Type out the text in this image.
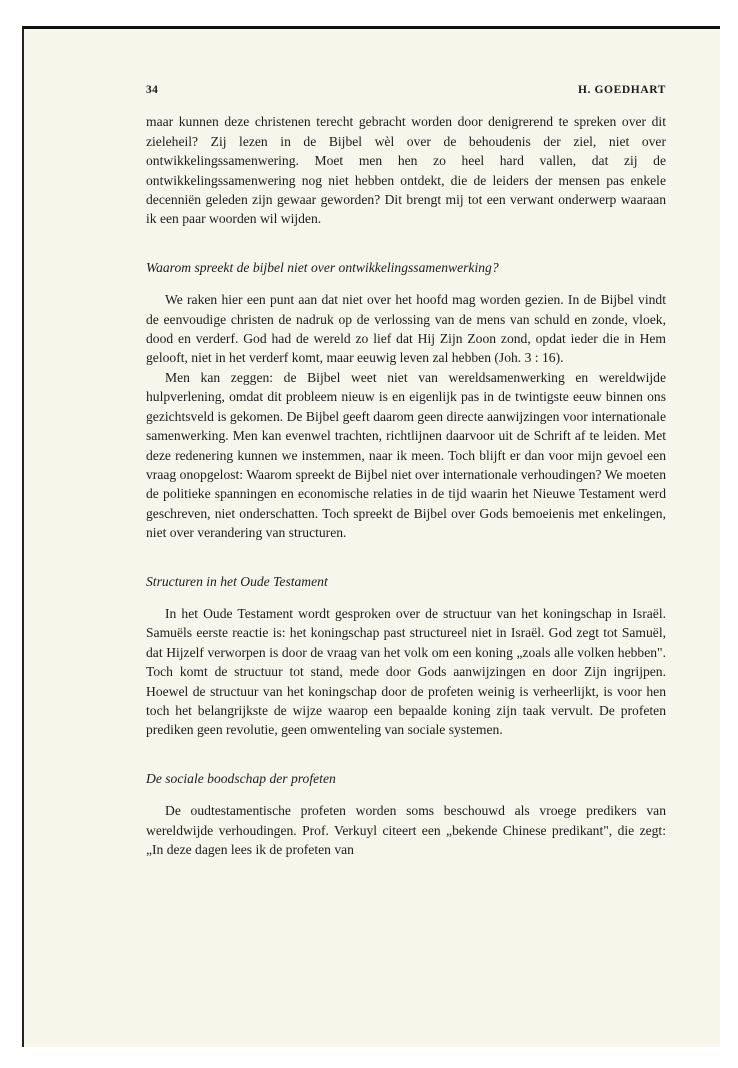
34	H. GOEDHART

maar kunnen deze christenen terecht gebracht worden door denigrerend te spreken over dit zieleheil? Zij lezen in de Bijbel wèl over de behoudenis der ziel, niet over ontwikkelingssamenwering. Moet men hen zo heel hard vallen, dat zij de ontwikkelingssamenwering nog niet hebben ontdekt, die de leiders der mensen pas enkele decenniën geleden zijn gewaar geworden? Dit brengt mij tot een verwant onderwerp waaraan ik een paar woorden wil wijden.

Waarom spreekt de bijbel niet over ontwikkelingssamenwerking?

We raken hier een punt aan dat niet over het hoofd mag worden gezien. In de Bijbel vindt de eenvoudige christen de nadruk op de verlossing van de mens van schuld en zonde, vloek, dood en verderf. God had de wereld zo lief dat Hij Zijn Zoon zond, opdat ieder die in Hem gelooft, niet in het verderf komt, maar eeuwig leven zal hebben (Joh. 3 : 16).

Men kan zeggen: de Bijbel weet niet van wereldsamenwerking en wereldwijde hulpverlening, omdat dit probleem nieuw is en eigenlijk pas in de twintigste eeuw binnen ons gezichtsveld is gekomen. De Bijbel geeft daarom geen directe aanwijzingen voor internationale samenwerking. Men kan evenwel trachten, richtlijnen daarvoor uit de Schrift af te leiden. Met deze redenering kunnen we instemmen, naar ik meen. Toch blijft er dan voor mijn gevoel een vraag onopgelost: Waarom spreekt de Bijbel niet over internationale verhoudingen? We moeten de politieke spanningen en economische relaties in de tijd waarin het Nieuwe Testament werd geschreven, niet onderschatten. Toch spreekt de Bijbel over Gods bemoeienis met enkelingen, niet over verandering van structuren.

Structuren in het Oude Testament

In het Oude Testament wordt gesproken over de structuur van het koningschap in Israël. Samuëls eerste reactie is: het koningschap past structureel niet in Israël. God zegt tot Samuël, dat Hijzelf verworpen is door de vraag van het volk om een koning „zoals alle volken hebben". Toch komt de structuur tot stand, mede door Gods aanwijzingen en door Zijn ingrijpen. Hoewel de structuur van het koningschap door de profeten weinig is verheerlijkt, is voor hen toch het belangrijkste de wijze waarop een bepaalde koning zijn taak vervult. De profeten prediken geen revolutie, geen omwenteling van sociale systemen.

De sociale boodschap der profeten

De oudtestamentische profeten worden soms beschouwd als vroege predikers van wereldwijde verhoudingen. Prof. Verkuyl citeert een „bekende Chinese predikant", die zegt: „In deze dagen lees ik de profeten van
